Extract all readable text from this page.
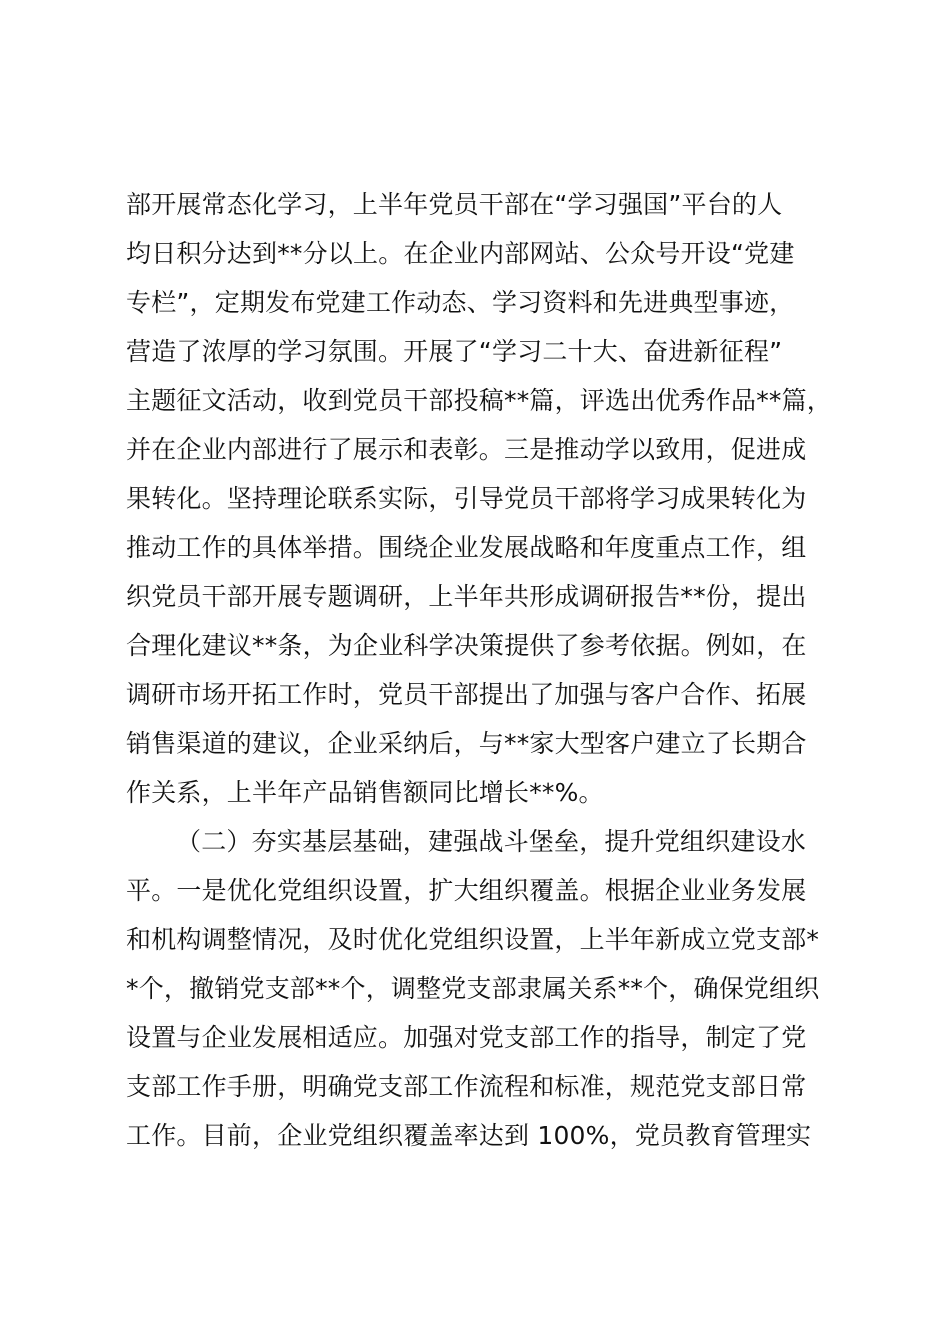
部开展常态化学习，上半年党员干部在“学习强国”平台的人
均日积分达到**分以上。在企业内部网站、公众号开设“党建
专栏”，定期发布党建工作动态、学习资料和先进典型事迹，
营造了浓厚的学习氛围。开展了“学习二十大、奋进新征程”
主题征文活动，收到党员干部投稿**篇，评选出优秀作品**篇，
并在企业内部进行了展示和表彰。三是推动学以致用，促进成
果转化。坚持理论联系实际，引导党员干部将学习成果转化为
推动工作的具体举措。围绕企业发展战略和年度重点工作，组
织党员干部开展专题调研，上半年共形成调研报告**份，提出
合理化建议**条，为企业科学决策提供了参考依据。例如，在
调研市场开拓工作时，党员干部提出了加强与客户合作、拓展
销售渠道的建议，企业采纳后，与**家大型客户建立了长期合
作关系，上半年产品销售额同比增长**%。
（二）夯实基层基础，建强战斗堡垒，提升党组织建设水
平。一是优化党组织设置，扩大组织覆盖。根据企业业务发展
和机构调整情况，及时优化党组织设置，上半年新成立党支部*
*个，撤销党支部**个，调整党支部隶属关系**个，确保党组织
设置与企业发展相适应。加强对党支部工作的指导，制定了党
支部工作手册，明确党支部工作流程和标准，规范党支部日常
工作。目前，企业党组织覆盖率达到 100%，党员教育管理实
